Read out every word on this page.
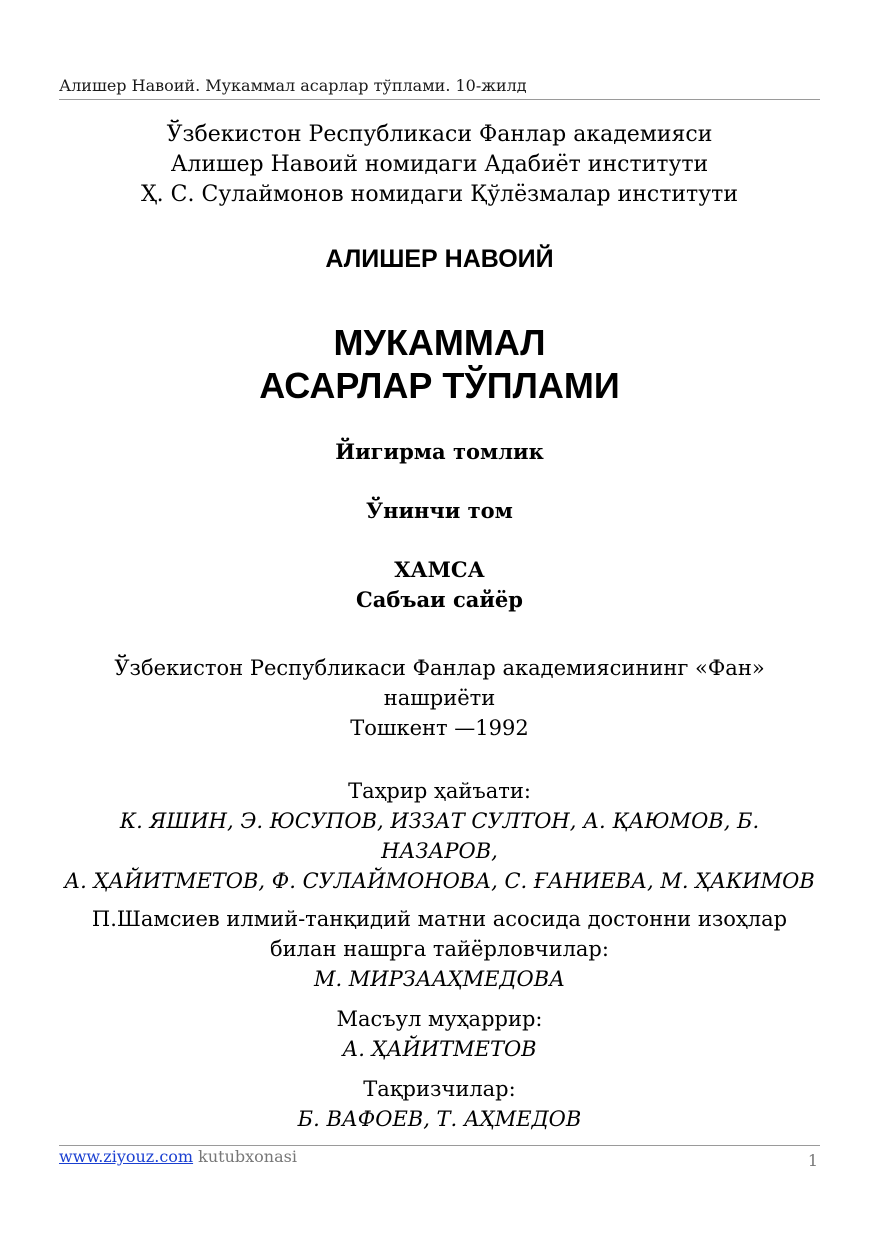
Алишер Навоий. Мукаммал асарлар тўплами. 10-жилд
Ўзбекистон Республикаси Фанлар академияси
Алишер Навоий номидаги Адабиёт институти
Ҳ. С. Сулаймонов номидаги Қўлёзмалар институти
АЛИШЕР НАВОИЙ
МУКАММАЛ
АСАРЛАР ТЎПЛАМИ
Йигирма томлик
Ўнинчи том
ХАМСА
Сабъаи сайёр
Ўзбекистон Республикаси Фанлар академиясининг «Фан»
нашриёти
Тошкент —1992
Таҳрир ҳайъати:
К. ЯШИН, Э. ЮСУПОВ, ИЗЗАТ СУЛТОН, А. ҚАЮМОВ, Б. НАЗАРОВ,
А. ҲАЙИТМЕТОВ, Ф. СУЛАЙМОНОВА, С. ҒАНИЕВА, М. ҲАКИМОВ
П.Шамсиев илмий-танқидий матни асосида достонни изоҳлар
билан нашрга тайёрловчилар:
М. МИРЗААҲМЕДОВА
Масъул муҳаррир:
А. ҲАЙИТМЕТОВ
Тақризчилар:
Б. ВАФОЕВ, Т. АҲМЕДОВ
www.ziyouz.com kutubxonasi	1
